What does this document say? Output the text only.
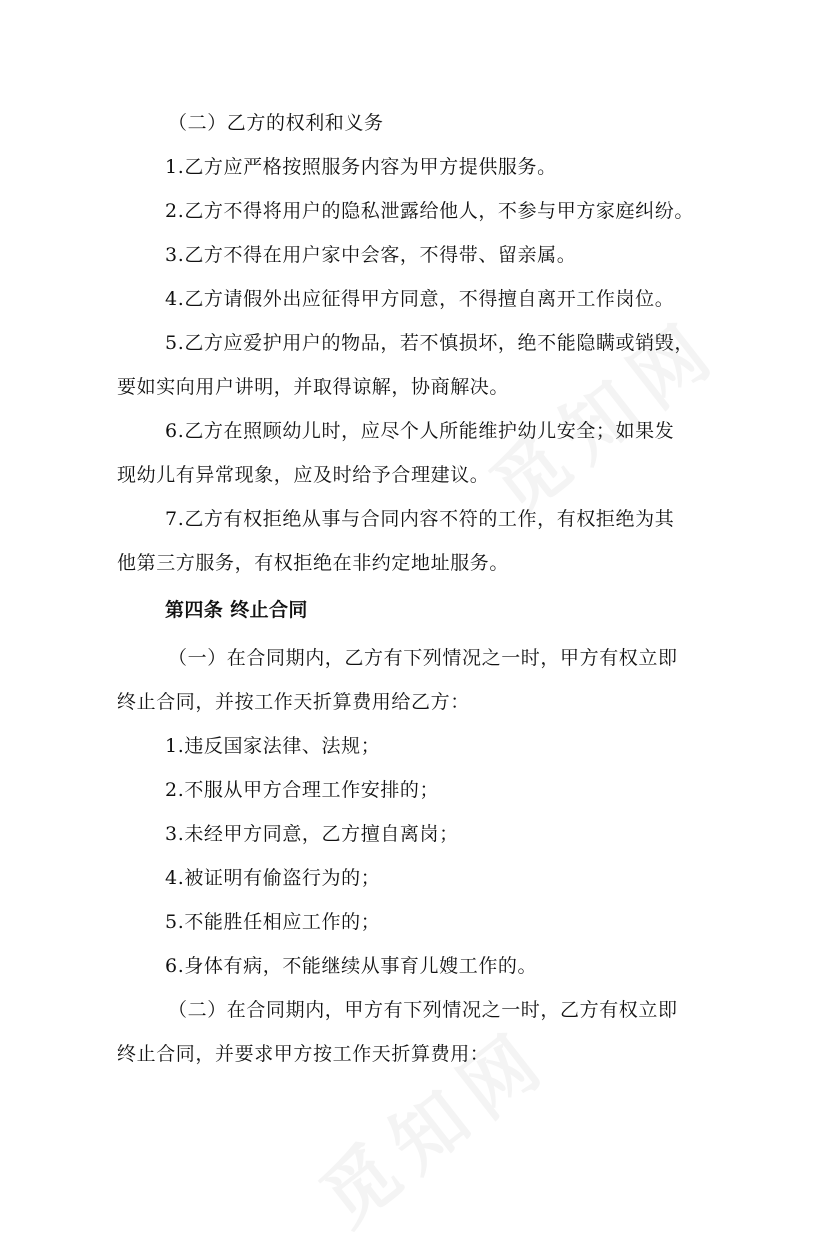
（二）乙方的权利和义务

1.乙方应严格按照服务内容为甲方提供服务。

2.乙方不得将用户的隐私泄露给他人，不参与甲方家庭纠纷。

3.乙方不得在用户家中会客，不得带、留亲属。

4.乙方请假外出应征得甲方同意，不得擅自离开工作岗位。

5.乙方应爱护用户的物品，若不慎损坏，绝不能隐瞒或销毁，

要如实向用户讲明，并取得谅解，协商解决。

6.乙方在照顾幼儿时，应尽个人所能维护幼儿安全；如果发

现幼儿有异常现象，应及时给予合理建议。

7.乙方有权拒绝从事与合同内容不符的工作，有权拒绝为其

他第三方服务，有权拒绝在非约定地址服务。

第四条 终止合同

（一）在合同期内，乙方有下列情况之一时，甲方有权立即

终止合同，并按工作天折算费用给乙方：

1.违反国家法律、法规；

2.不服从甲方合理工作安排的；

3.未经甲方同意，乙方擅自离岗；

4.被证明有偷盗行为的；

5.不能胜任相应工作的；

6.身体有病，不能继续从事育儿嫂工作的。

（二）在合同期内，甲方有下列情况之一时，乙方有权立即

终止合同，并要求甲方按工作天折算费用：
